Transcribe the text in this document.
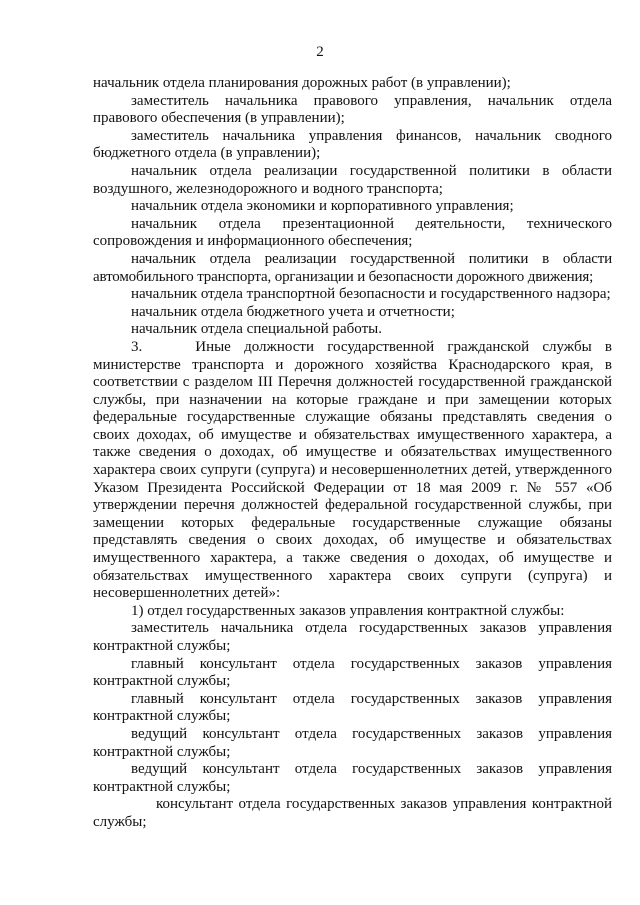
2

начальник отдела планирования дорожных работ (в управлении);

заместитель начальника правового управления, начальник отдела правового обеспечения (в управлении);

заместитель начальника управления финансов, начальник сводного бюджетного отдела (в управлении);

начальник отдела реализации государственной политики в области воздушного, железнодорожного и водного транспорта;

начальник отдела экономики и корпоративного управления;

начальник отдела презентационной деятельности, технического сопровождения и информационного обеспечения;

начальник отдела реализации государственной политики в области автомобильного транспорта, организации и безопасности дорожного движения;

начальник отдела транспортной безопасности и государственного надзора;

начальник отдела бюджетного учета и отчетности;

начальник отдела специальной работы.

3.    Иные должности государственной гражданской службы в министерстве транспорта и дорожного хозяйства Краснодарского края, в соответствии с разделом III Перечня должностей государственной гражданской службы, при назначении на которые граждане и при замещении которых федеральные государственные служащие обязаны представлять сведения о своих доходах, об имуществе и обязательствах имущественного характера, а также сведения о доходах, об имуществе и обязательствах имущественного характера своих супруги (супруга) и несовершеннолетних детей, утвержденного Указом Президента Российской Федерации от 18 мая 2009 г. № 557 «Об утверждении перечня должностей федеральной государственной службы, при замещении которых федеральные государственные служащие обязаны представлять сведения о своих доходах, об имуществе и обязательствах имущественного характера, а также сведения о доходах, об имуществе и обязательствах имущественного характера своих супруги (супруга) и несовершеннолетних детей»:

1) отдел государственных заказов управления контрактной службы:

заместитель начальника отдела государственных заказов управления контрактной службы;

главный консультант отдела государственных заказов управления контрактной службы;

главный консультант отдела государственных заказов управления контрактной службы;

ведущий консультант отдела государственных заказов управления контрактной службы;

ведущий консультант отдела государственных заказов управления контрактной службы;

консультант отдела государственных заказов управления контрактной службы;
